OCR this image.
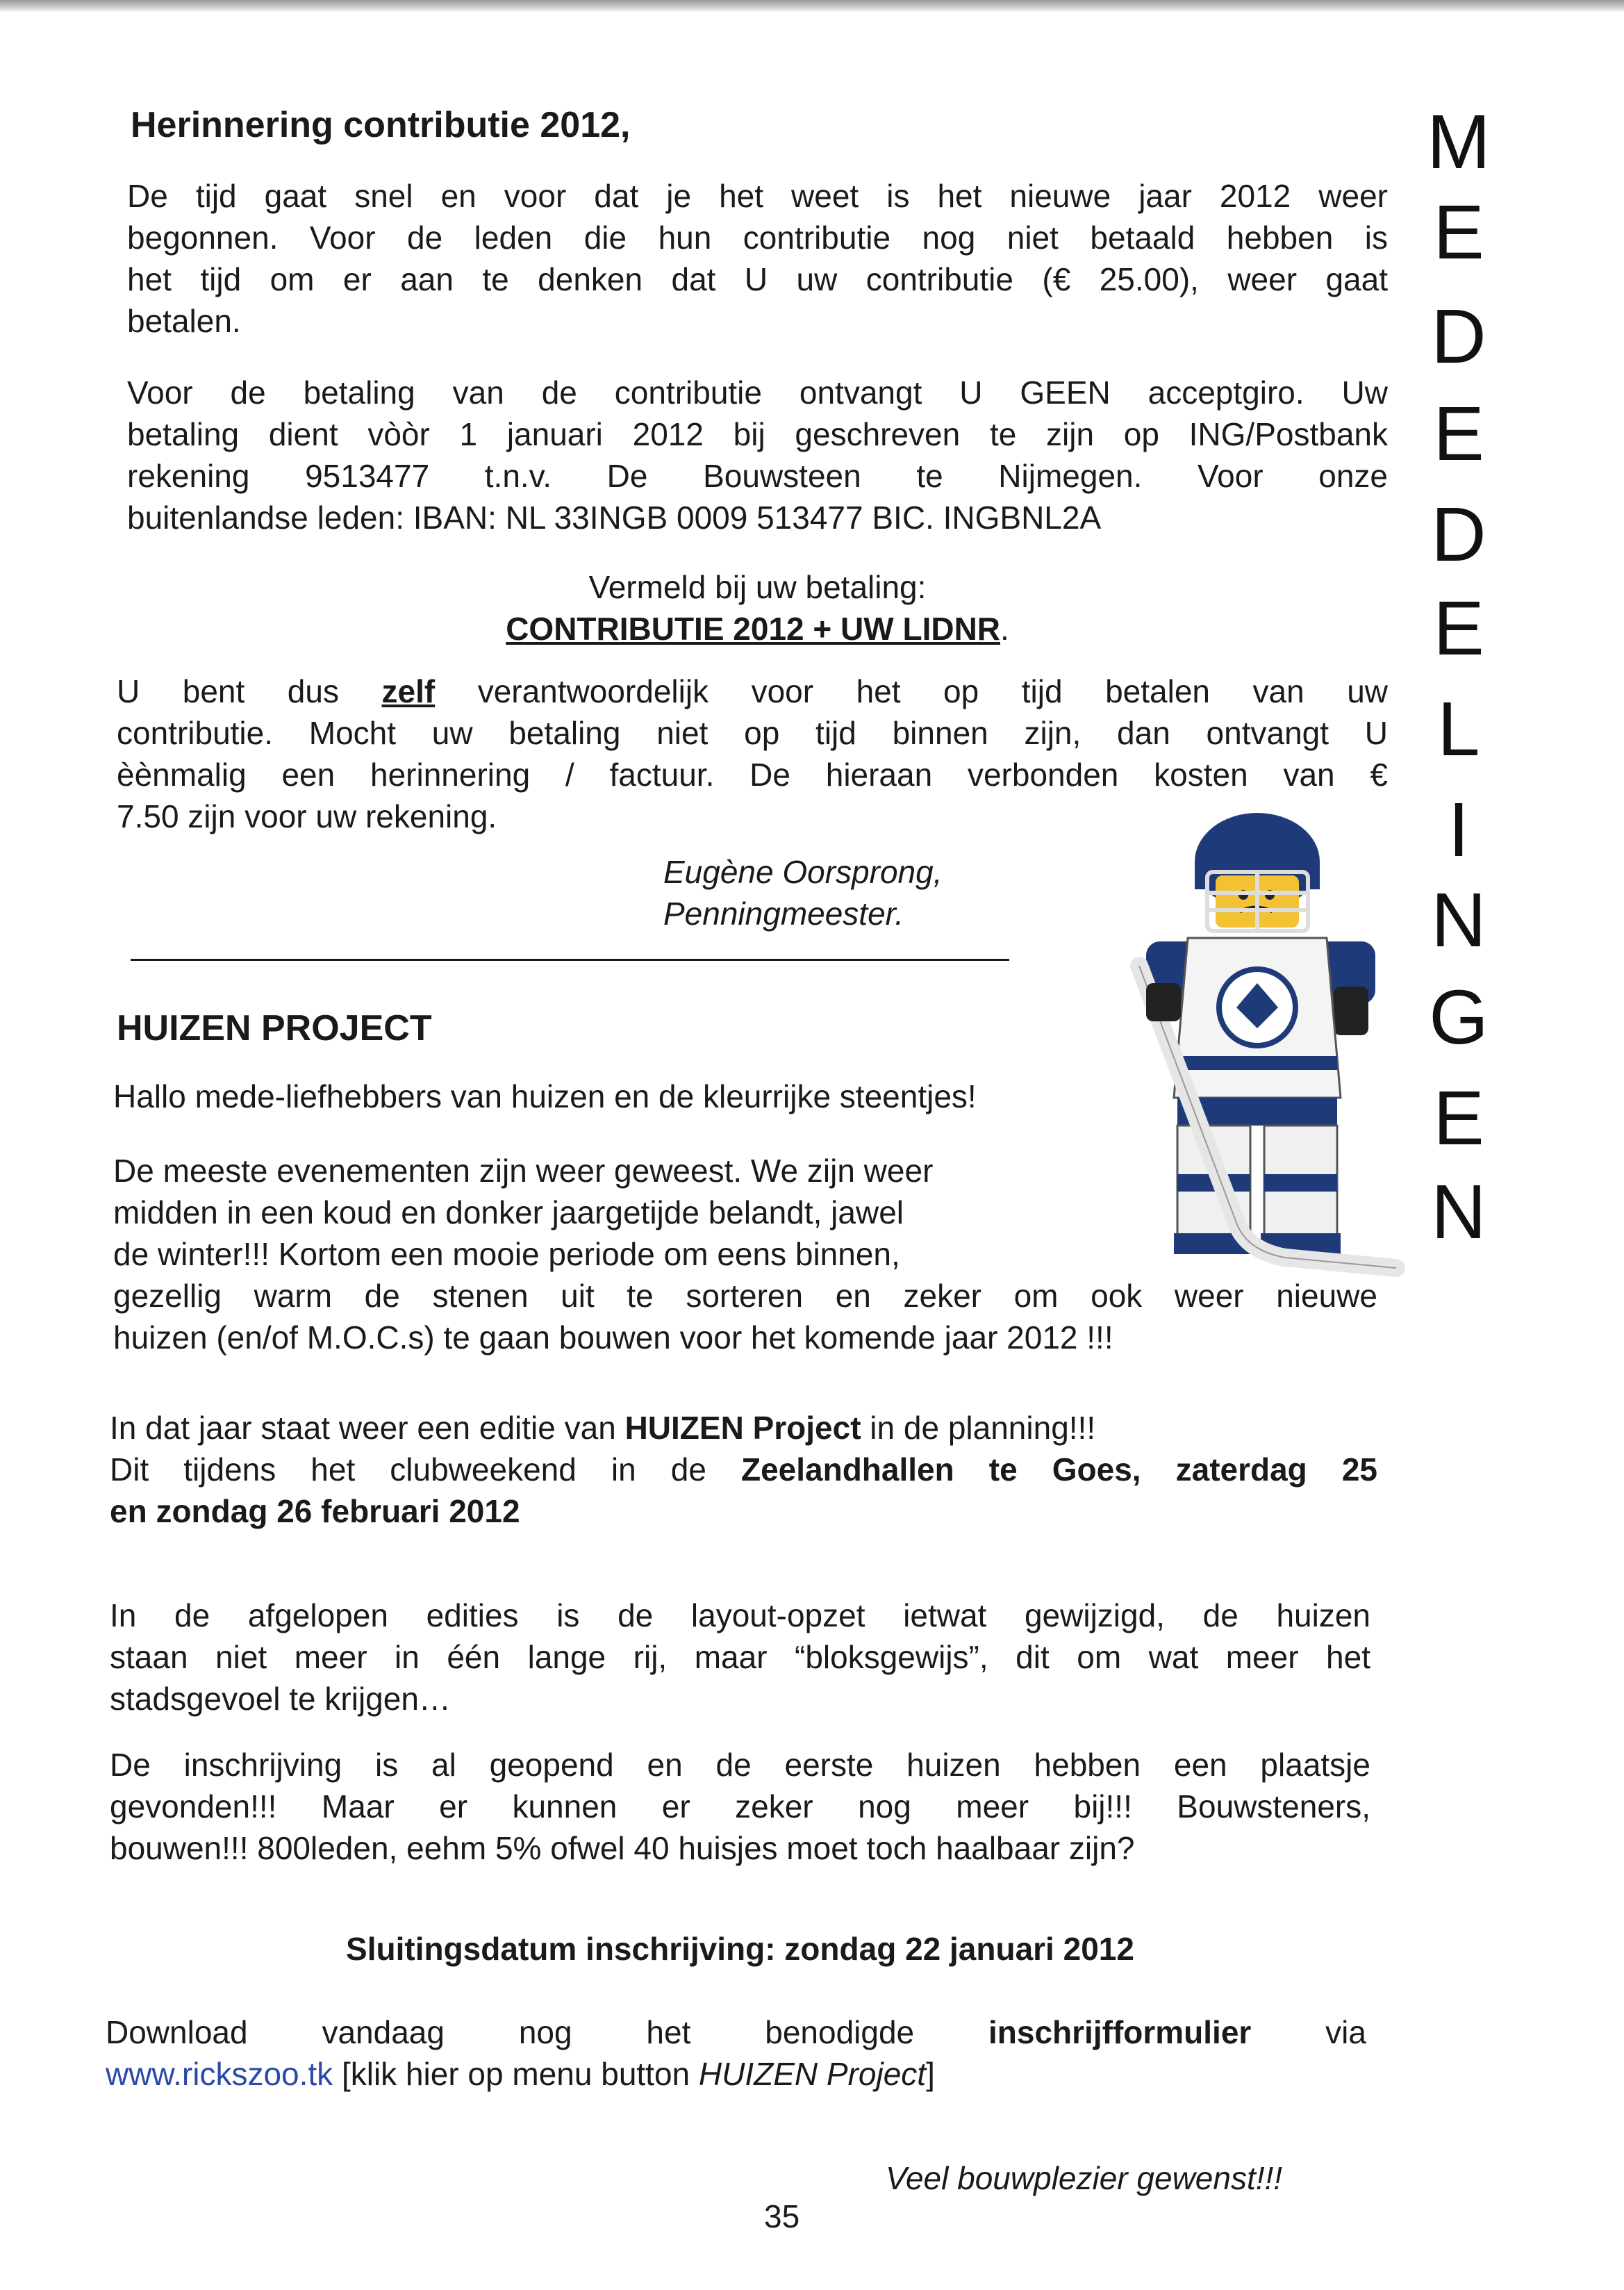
Herinnering contributie 2012,
De tijd gaat snel en voor dat je het weet is het nieuwe jaar 2012 weer
begonnen. Voor de leden die hun contributie nog niet betaald hebben is
het tijd om er aan te denken dat U uw contributie (€ 25.00), weer gaat
betalen.
Voor de betaling van de contributie ontvangt U GEEN acceptgiro. Uw
betaling dient vòòr 1 januari 2012 bij geschreven te zijn op ING/Postbank
rekening 9513477 t.n.v. De Bouwsteen te Nijmegen. Voor onze
buitenlandse leden: IBAN: NL 33INGB 0009 513477 BIC. INGBNL2A
Vermeld bij uw betaling:
CONTRIBUTIE 2012 + UW LIDNR.
U bent dus zelf verantwoordelijk voor het op tijd betalen van uw
contributie. Mocht uw betaling niet op tijd binnen zijn, dan ontvangt U
èènmalig een herinnering / factuur. De hieraan verbonden kosten van €
7.50 zijn voor uw rekening.
Eugène Oorsprong,
Penningmeester.
HUIZEN PROJECT
Hallo mede-liefhebbers van huizen en de kleurrijke steentjes!
De meeste evenementen zijn weer geweest. We zijn weer
midden in een koud en donker jaargetijde belandt, jawel
de winter!!! Kortom een mooie periode om eens binnen,
gezellig warm de stenen uit te sorteren en zeker om ook weer nieuwe
huizen (en/of M.O.C.s) te gaan bouwen voor het komende jaar 2012 !!!
In dat jaar staat weer een editie van HUIZEN Project in de planning!!!
Dit tijdens het clubweekend in de Zeelandhallen te Goes, zaterdag 25
en zondag 26 februari 2012
In de afgelopen edities is de layout-opzet ietwat gewijzigd, de huizen
staan niet meer in één lange rij, maar “bloksgewijs”, dit om wat meer het
stadsgevoel te krijgen…
De inschrijving is al geopend en de eerste huizen hebben een plaatsje
gevonden!!! Maar er kunnen er zeker nog meer bij!!! Bouwsteners,
bouwen!!! 800leden, eehm 5% ofwel 40 huisjes moet toch haalbaar zijn?
Sluitingsdatum inschrijving: zondag 22 januari 2012
Download vandaag nog het benodigde inschrijfformulier via
www.rickszoo.tk [klik hier op menu button HUIZEN Project]
Veel bouwplezier gewenst!!!
35
M
E
D
E
D
E
L
I
N
G
E
N
